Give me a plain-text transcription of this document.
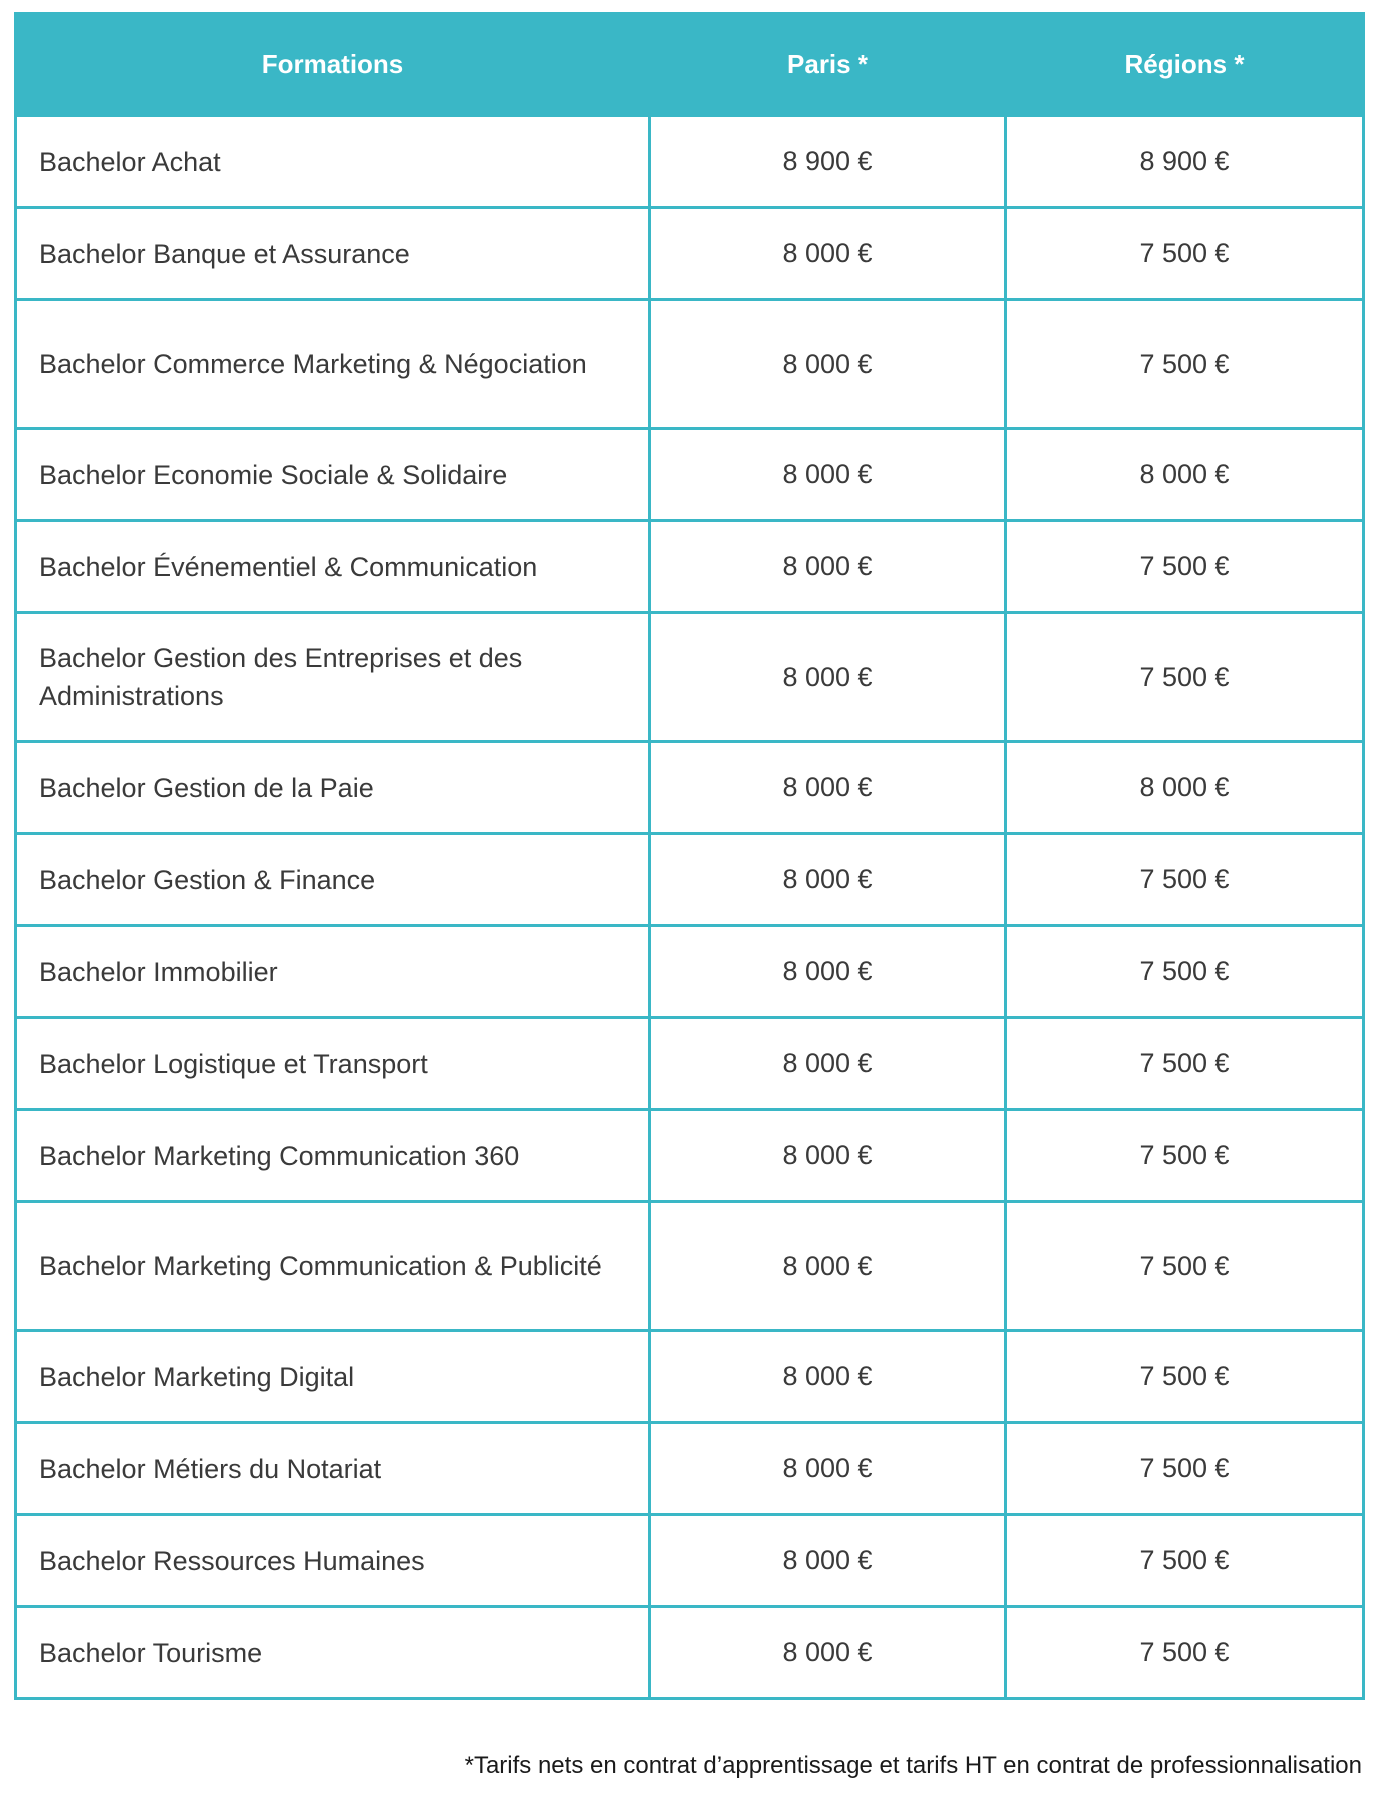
Formations	Paris *	Régions *
Bachelor Achat	8 900 €	8 900 €
Bachelor Banque et Assurance	8 000 €	7 500 €
Bachelor Commerce Marketing & Négociation	8 000 €	7 500 €
Bachelor Economie Sociale & Solidaire	8 000 €	8 000 €
Bachelor Événementiel & Communication	8 000 €	7 500 €
Bachelor Gestion des Entreprises et des Administrations	8 000 €	7 500 €
Bachelor Gestion de la Paie	8 000 €	8 000 €
Bachelor Gestion & Finance	8 000 €	7 500 €
Bachelor Immobilier	8 000 €	7 500 €
Bachelor Logistique et Transport	8 000 €	7 500 €
Bachelor Marketing Communication 360	8 000 €	7 500 €
Bachelor Marketing Communication & Publicité	8 000 €	7 500 €
Bachelor Marketing Digital	8 000 €	7 500 €
Bachelor Métiers du Notariat	8 000 €	7 500 €
Bachelor Ressources Humaines	8 000 €	7 500 €
Bachelor Tourisme	8 000 €	7 500 €
*Tarifs nets en contrat d’apprentissage et tarifs HT en contrat de professionnalisation
